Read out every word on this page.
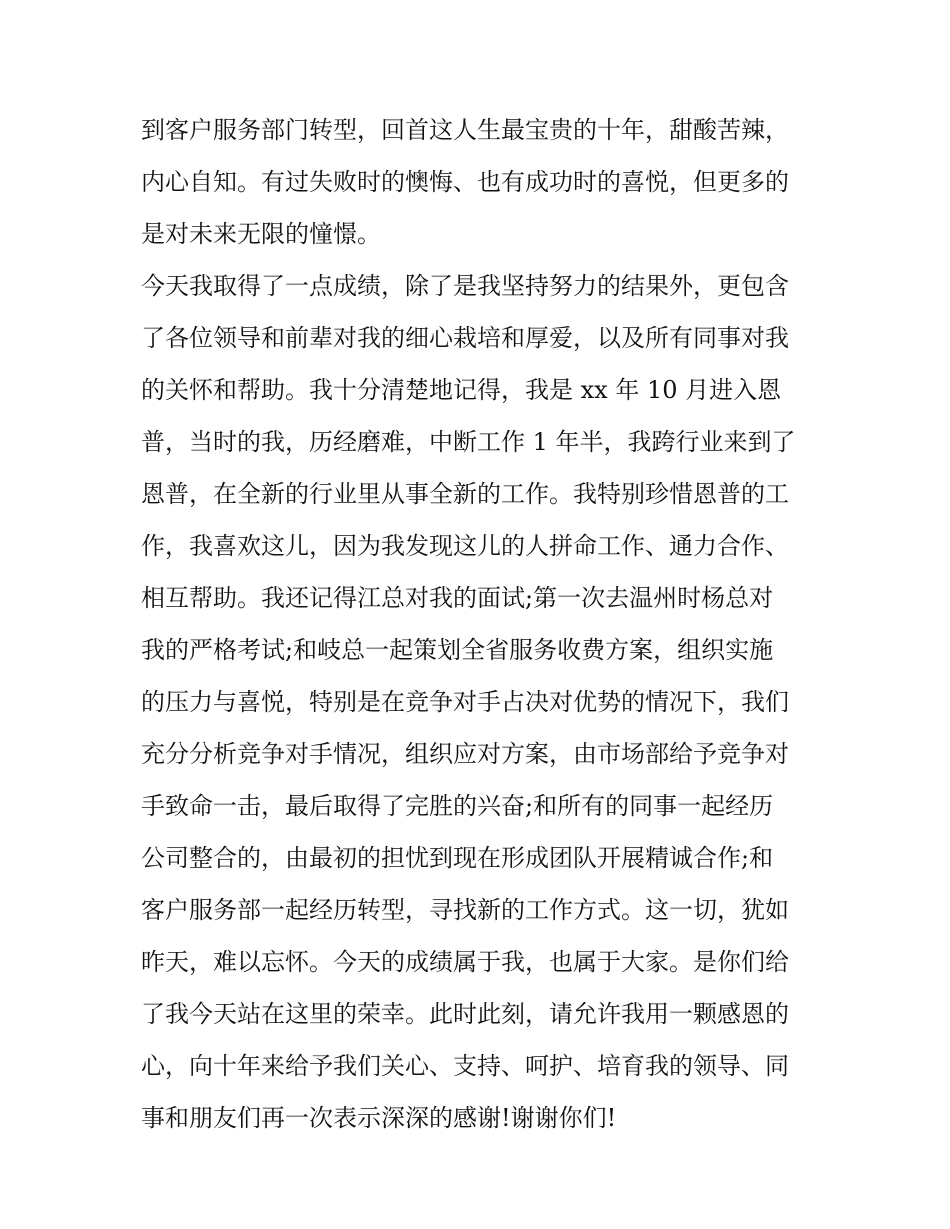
到客户服务部门转型，回首这人生最宝贵的十年，甜酸苦辣，
内心自知。有过失败时的懊悔、也有成功时的喜悦，但更多的
是对未来无限的憧憬。
今天我取得了一点成绩，除了是我坚持努力的结果外，更包含
了各位领导和前辈对我的细心栽培和厚爱，以及所有同事对我
的关怀和帮助。我十分清楚地记得，我是 xx 年 10 月进入恩
普，当时的我，历经磨难，中断工作 1 年半，我跨行业来到了
恩普，在全新的行业里从事全新的工作。我特别珍惜恩普的工
作，我喜欢这儿，因为我发现这儿的人拼命工作、通力合作、
相互帮助。我还记得江总对我的面试;第一次去温州时杨总对
我的严格考试;和岐总一起策划全省服务收费方案，组织实施
的压力与喜悦，特别是在竞争对手占决对优势的情况下，我们
充分分析竞争对手情况，组织应对方案，由市场部给予竞争对
手致命一击，最后取得了完胜的兴奋;和所有的同事一起经历
公司整合的，由最初的担忧到现在形成团队开展精诚合作;和
客户服务部一起经历转型，寻找新的工作方式。这一切，犹如
昨天，难以忘怀。今天的成绩属于我，也属于大家。是你们给
了我今天站在这里的荣幸。此时此刻，请允许我用一颗感恩的
心，向十年来给予我们关心、支持、呵护、培育我的领导、同
事和朋友们再一次表示深深的感谢!谢谢你们!
